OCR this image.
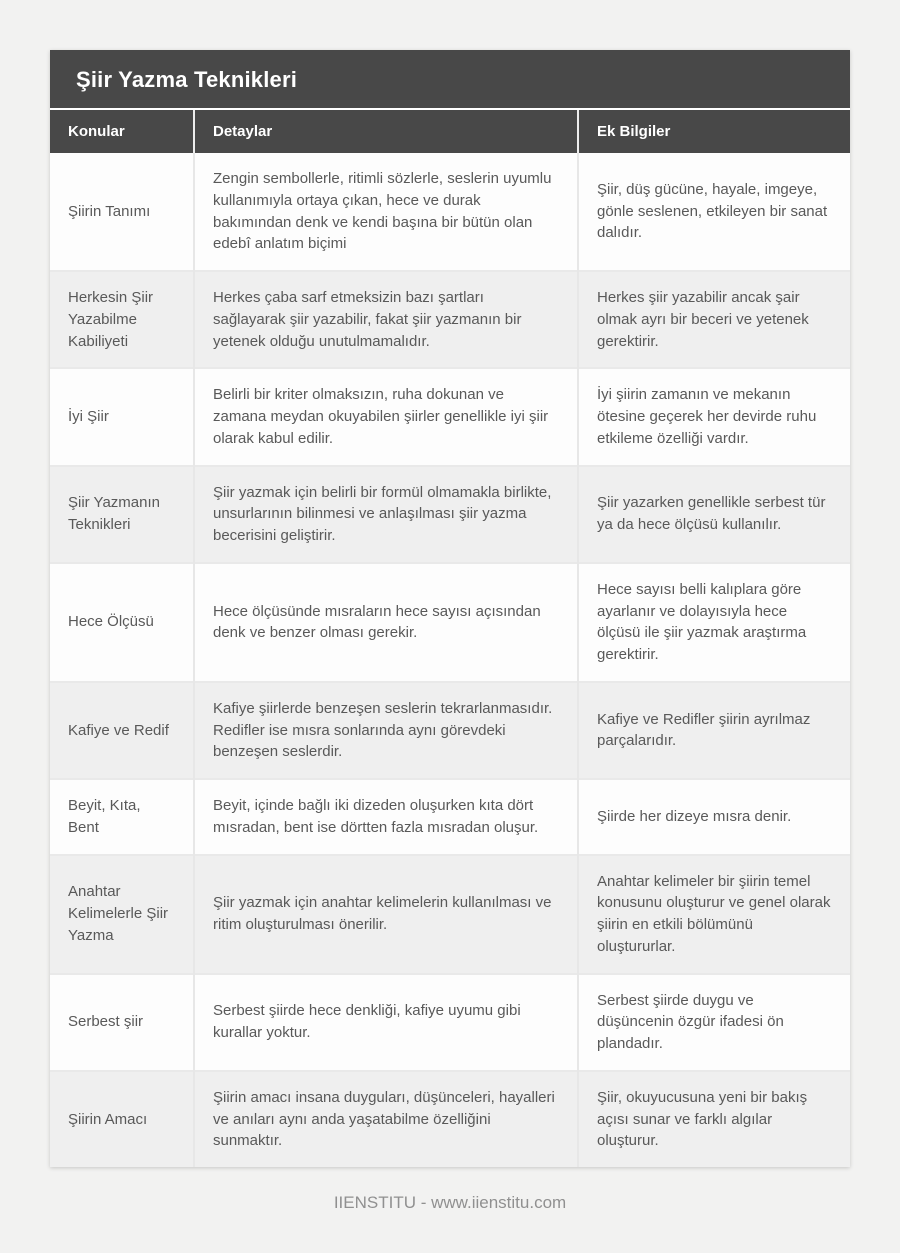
Şiir Yazma Teknikleri
Konular	Detaylar	Ek Bilgiler
Şiirin Tanımı	Zengin sembollerle, ritimli sözlerle, seslerin uyumlu kullanımıyla ortaya çıkan, hece ve durak bakımından denk ve kendi başına bir bütün olan edebî anlatım biçimi	Şiir, düş gücüne, hayale, imgeye, gönle seslenen, etkileyen bir sanat dalıdır.
Herkesin Şiir Yazabilme Kabiliyeti	Herkes çaba sarf etmeksizin bazı şartları sağlayarak şiir yazabilir, fakat şiir yazmanın bir yetenek olduğu unutulmamalıdır.	Herkes şiir yazabilir ancak şair olmak ayrı bir beceri ve yetenek gerektirir.
İyi Şiir	Belirli bir kriter olmaksızın, ruha dokunan ve zamana meydan okuyabilen şiirler genellikle iyi şiir olarak kabul edilir.	İyi şiirin zamanın ve mekanın ötesine geçerek her devirde ruhu etkileme özelliği vardır.
Şiir Yazmanın Teknikleri	Şiir yazmak için belirli bir formül olmamakla birlikte, unsurlarının bilinmesi ve anlaşılması şiir yazma becerisini geliştirir.	Şiir yazarken genellikle serbest tür ya da hece ölçüsü kullanılır.
Hece Ölçüsü	Hece ölçüsünde mısraların hece sayısı açısından denk ve benzer olması gerekir.	Hece sayısı belli kalıplara göre ayarlanır ve dolayısıyla hece ölçüsü ile şiir yazmak araştırma gerektirir.
Kafiye ve Redif	Kafiye şiirlerde benzeşen seslerin tekrarlanmasıdır. Redifler ise mısra sonlarında aynı görevdeki benzeşen seslerdir.	Kafiye ve Redifler şiirin ayrılmaz parçalarıdır.
Beyit, Kıta, Bent	Beyit, içinde bağlı iki dizeden oluşurken kıta dört mısradan, bent ise dörtten fazla mısradan oluşur.	Şiirde her dizeye mısra denir.
Anahtar Kelimelerle Şiir Yazma	Şiir yazmak için anahtar kelimelerin kullanılması ve ritim oluşturulması önerilir.	Anahtar kelimeler bir şiirin temel konusunu oluşturur ve genel olarak şiirin en etkili bölümünü oluştururlar.
Serbest şiir	Serbest şiirde hece denkliği, kafiye uyumu gibi kurallar yoktur.	Serbest şiirde duygu ve düşüncenin özgür ifadesi ön plandadır.
Şiirin Amacı	Şiirin amacı insana duyguları, düşünceleri, hayalleri ve anıları aynı anda yaşatabilme özelliğini sunmaktır.	Şiir, okuyucusuna yeni bir bakış açısı sunar ve farklı algılar oluşturur.
IIENSTITU - www.iienstitu.com
